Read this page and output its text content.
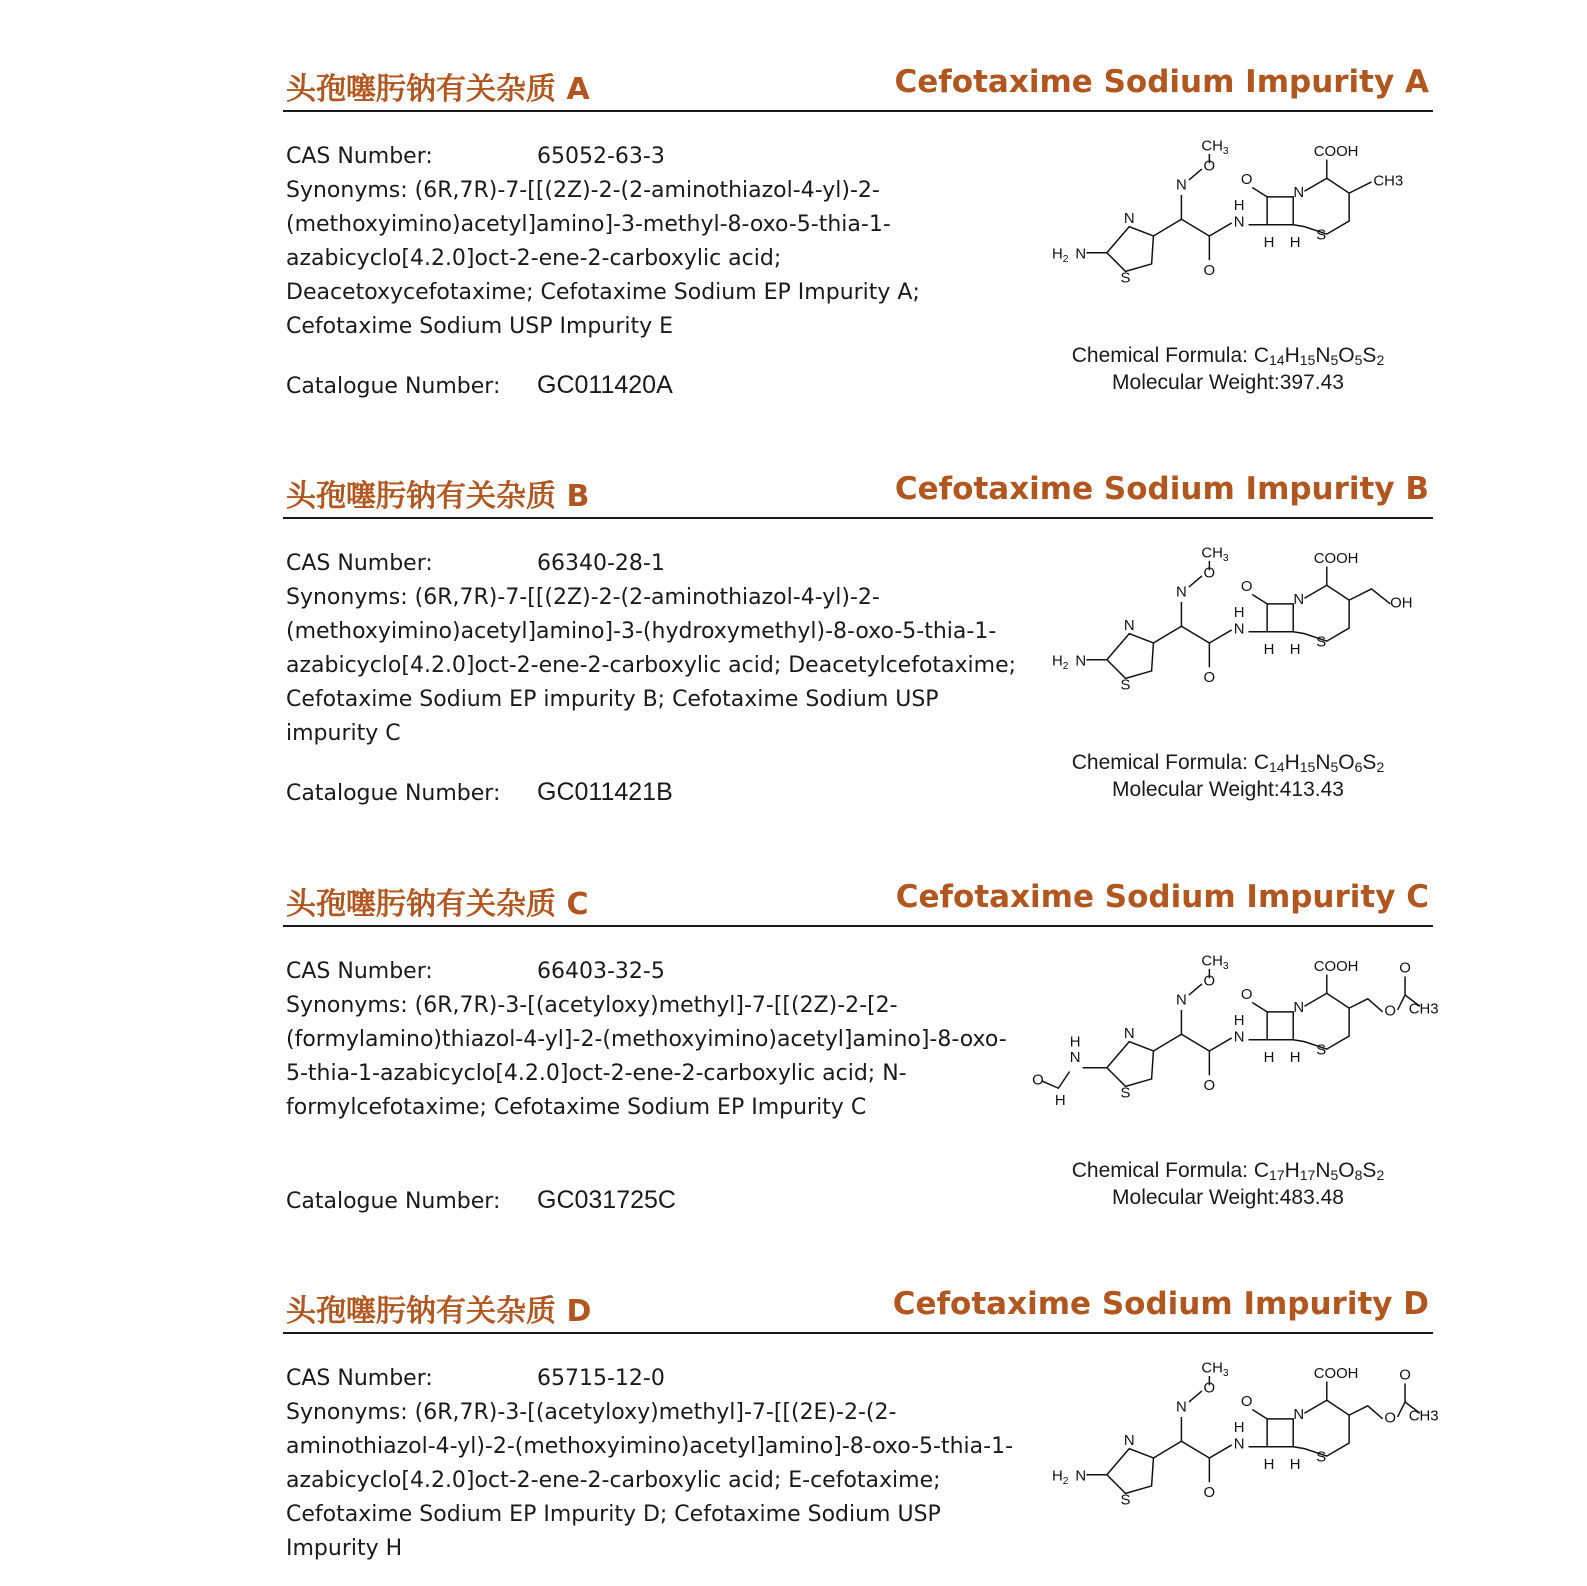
头孢噻肟钠有关杂质 A	Cefotaxime Sodium Impurity A
CAS Number:	65052-63-3
Synonyms: (6R,7R)-7-[[(2Z)-2-(2-aminothiazol-4-yl)-2-(methoxyimino)acetyl]amino]-3-methyl-8-oxo-5-thia-1-azabicyclo[4.2.0]oct-2-ene-2-carboxylic acid; Deacetoxycefotaxime; Cefotaxime Sodium EP Impurity A; Cefotaxime Sodium USP Impurity E
Catalogue Number: GC011420A
N
S
$H_2$ N
N
O
$CH_3$
O
N
H
O
N
H H S
COOH
CH3
Chemical Formula: $C_{14}H_{15}N_5O_5S_2$
Molecular Weight:397.43
头孢噻肟钠有关杂质 B	Cefotaxime Sodium Impurity B
CAS Number:	66340-28-1
Synonyms: (6R,7R)-7-[[(2Z)-2-(2-aminothiazol-4-yl)-2-(methoxyimino)acetyl]amino]-3-(hydroxymethyl)-8-oxo-5-thia-1-azabicyclo[4.2.0]oct-2-ene-2-carboxylic acid; Deacetylcefotaxime; Cefotaxime Sodium EP impurity B; Cefotaxime Sodium USP impurity C
Catalogue Number: GC011421B
N
S
$H_2$ N
N
O
$CH_3$
O
N
H
O
N
H H S
COOH
OH
Chemical Formula: $C_{14}H_{15}N_5O_6S_2$
Molecular Weight:413.43
头孢噻肟钠有关杂质 C	Cefotaxime Sodium Impurity C
CAS Number:	66403-32-5
Synonyms: (6R,7R)-3-[(acetyloxy)methyl]-7-[[(2Z)-2-[2-(formylamino)thiazol-4-yl]-2-(methoxyimino)acetyl]amino]-8-oxo-5-thia-1-azabicyclo[4.2.0]oct-2-ene-2-carboxylic acid; N-formylcefotaxime; Cefotaxime Sodium EP Impurity C
Catalogue Number: GC031725C
N
S
N
H
O
H
N
O
$CH_3$
O
N
H
O
N
H H S
COOH
O
O
CH3
Chemical Formula: $C_{17}H_{17}N_5O_8S_2$
Molecular Weight:483.48
头孢噻肟钠有关杂质 D	Cefotaxime Sodium Impurity D
CAS Number:	65715-12-0
Synonyms: (6R,7R)-3-[(acetyloxy)methyl]-7-[[(2E)-2-(2-aminothiazol-4-yl)-2-(methoxyimino)acetyl]amino]-8-oxo-5-thia-1-azabicyclo[4.2.0]oct-2-ene-2-carboxylic acid; E-cefotaxime; Cefotaxime Sodium EP Impurity D; Cefotaxime Sodium USP Impurity H
N
S
$H_2$ N
N
O
$CH_3$
O
N
H
O
N
H H S
COOH
O
O
CH3
